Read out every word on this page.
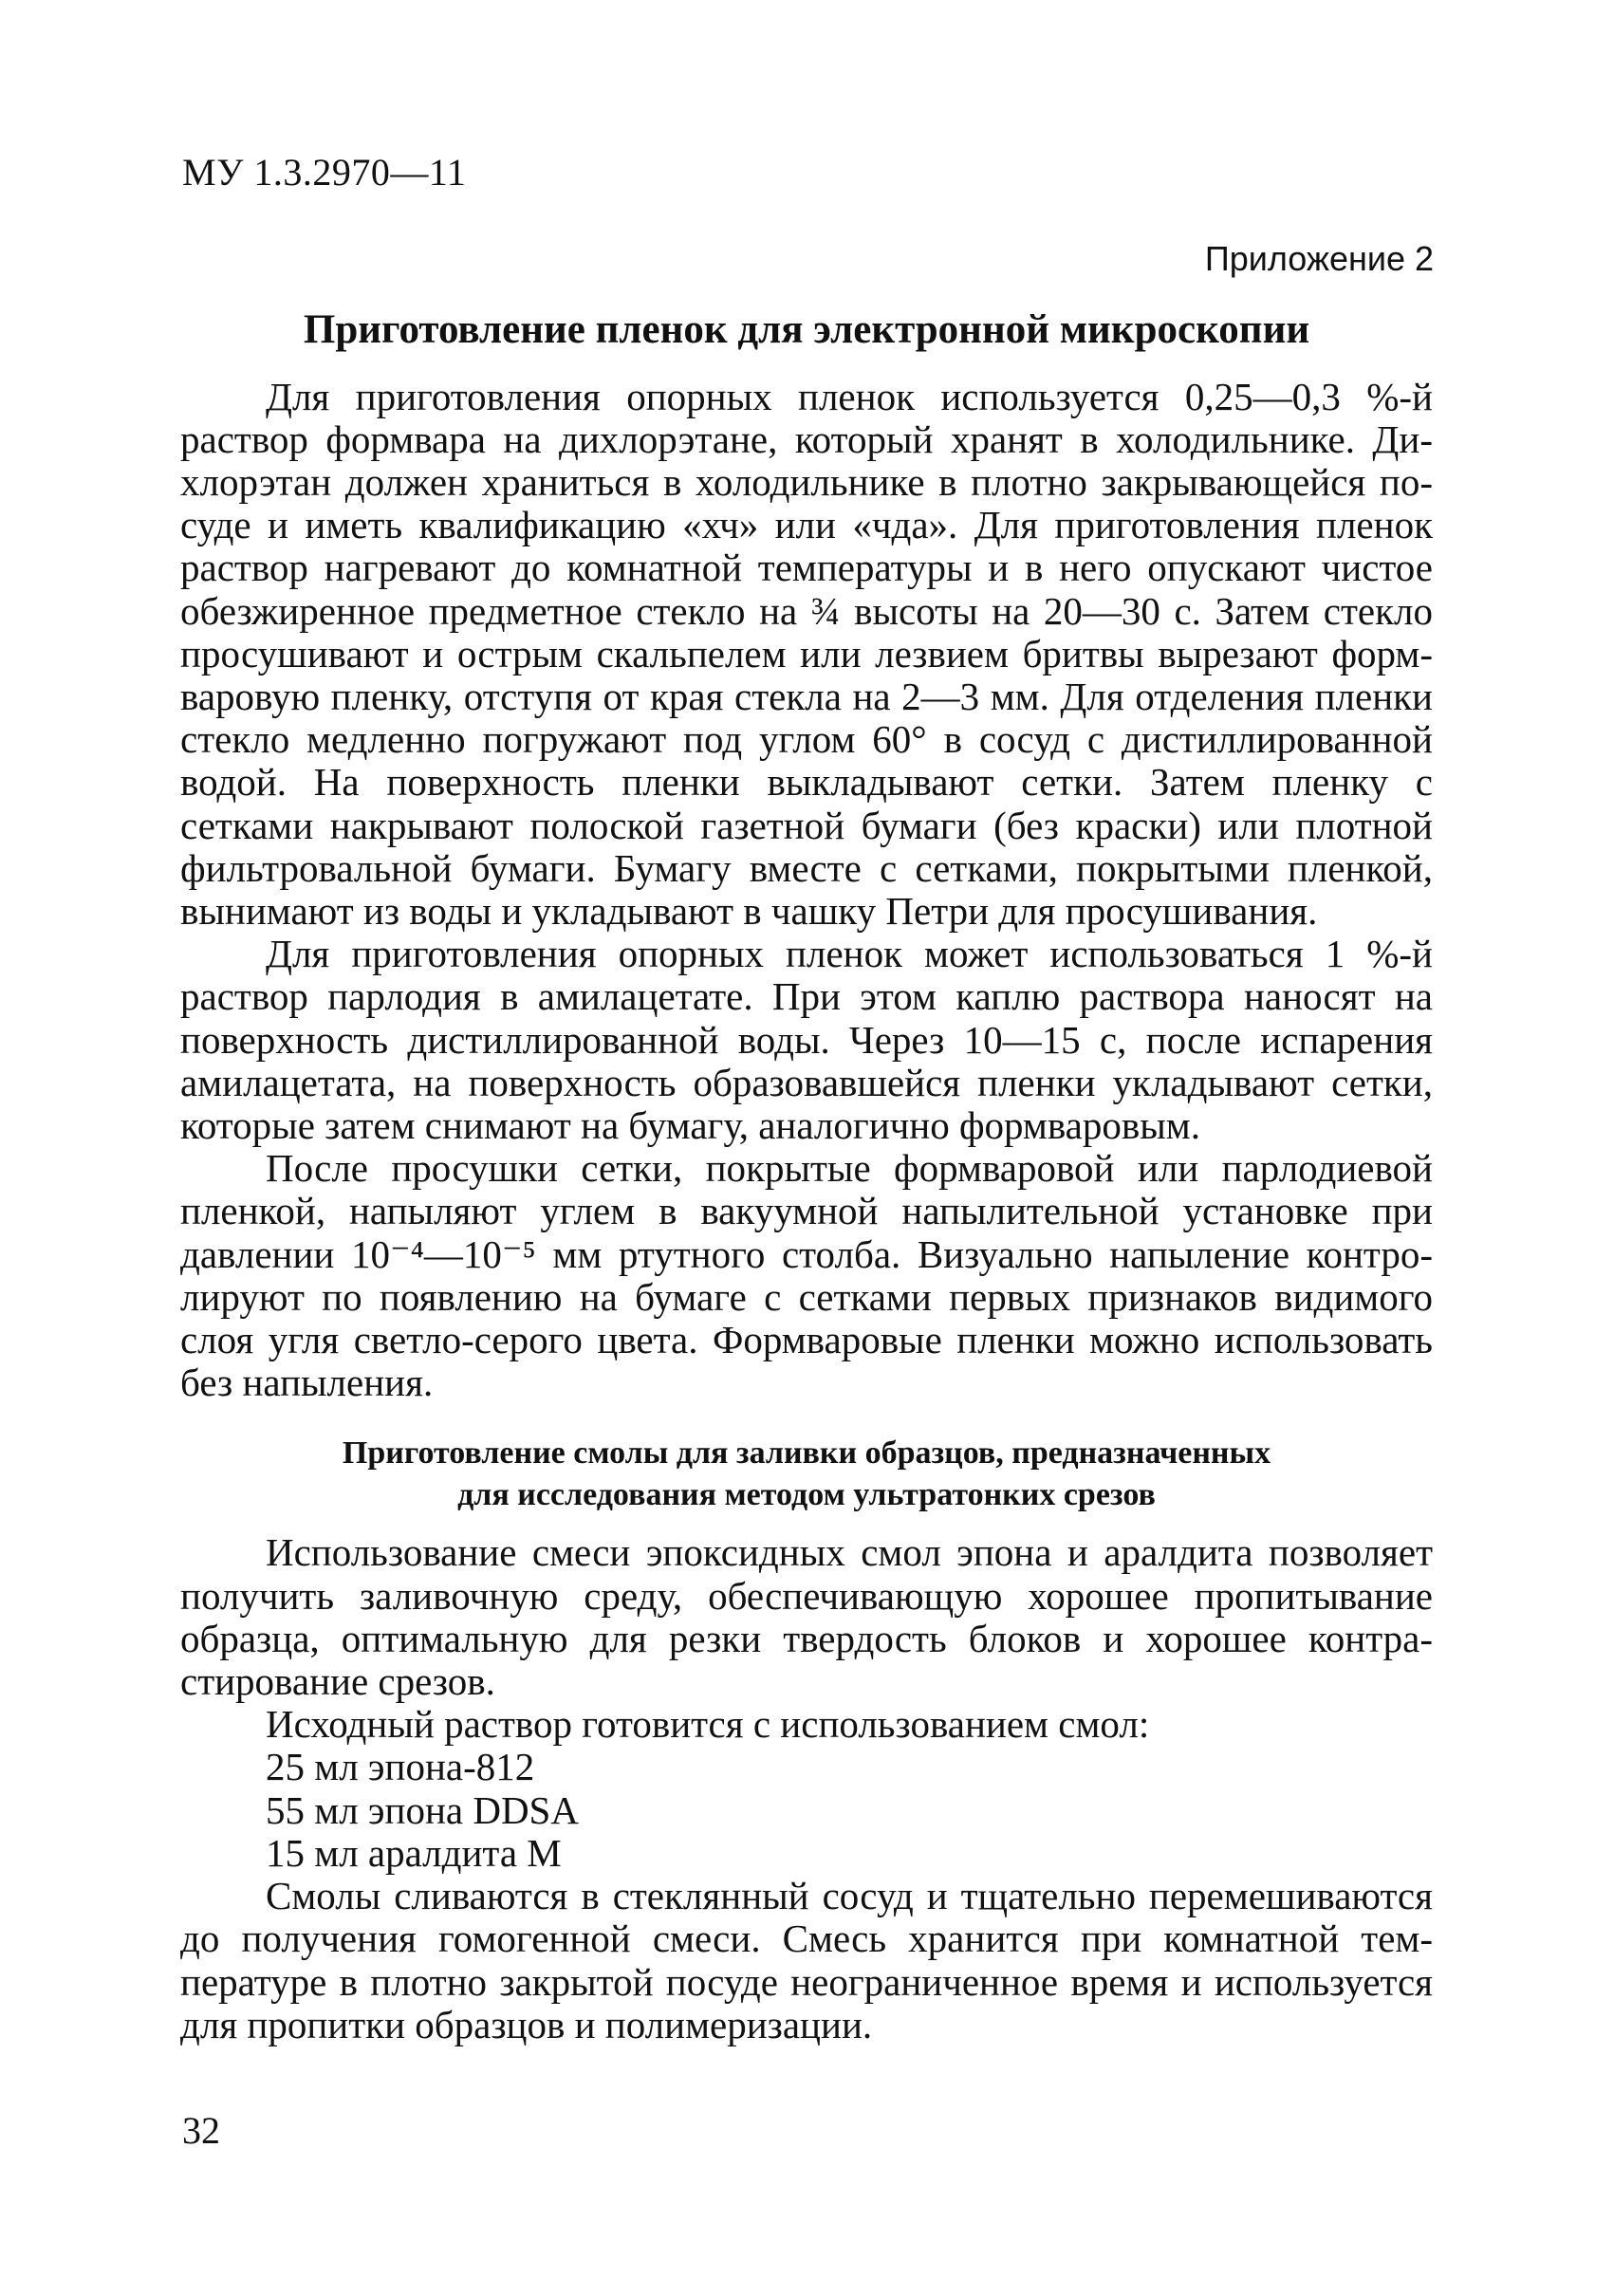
МУ 1.3.2970—11
Приложение 2
Приготовление пленок для электронной микроскопии

Для приготовления опорных пленок используется 0,25—0,3 %-й раствор формвара на дихлорэтане, который хранят в холодильнике. Дихлорэтан должен храниться в холодильнике в плотно закрывающейся посуде и иметь квалификацию «хч» или «чда». Для приготовления пленок раствор нагревают до комнатной температуры и в него опускают чистое обезжиренное предметное стекло на ¾ высоты на 20—30 с. Затем стекло просушивают и острым скальпелем или лезвием бритвы вырезают формваровую пленку, отступя от края стекла на 2—3 мм. Для отделения пленки стекло медленно погружают под углом 60° в сосуд с дистиллированной водой. На поверхность пленки выкладывают сетки. Затем пленку с сетками накрывают полоской газетной бумаги (без краски) или плотной фильтровальной бумаги. Бумагу вместе с сетками, покрытыми пленкой, вынимают из воды и укладывают в чашку Петри для просушивания.

Для приготовления опорных пленок может использоваться 1 %-й раствор парлодия в амилацетате. При этом каплю раствора наносят на поверхность дистиллированной воды. Через 10—15 с, после испарения амилацетата, на поверхность образовавшейся пленки укладывают сетки, которые затем снимают на бумагу, аналогично формваровым.

После просушки сетки, покрытые формваровой или парлодиевой пленкой, напыляют углем в вакуумной напылительной установке при давлении 10⁻⁴—10⁻⁵ мм ртутного столба. Визуально напыление контролируют по появлению на бумаге с сетками первых признаков видимого слоя угля светло-серого цвета. Формваровые пленки можно использовать без напыления.

Приготовление смолы для заливки образцов, предназначенных
для исследования методом ультратонких срезов

Использование смеси эпоксидных смол эпона и аралдита позволяет получить заливочную среду, обеспечивающую хорошее пропитывание образца, оптимальную для резки твердость блоков и хорошее контрастирование срезов.

Исходный раствор готовится с использованием смол:

25 мл эпона-812

55 мл эпона DDSA

15 мл аралдита М

Смолы сливаются в стеклянный сосуд и тщательно перемешиваются до получения гомогенной смеси. Смесь хранится при комнатной температуре в плотно закрытой посуде неограниченное время и используется для пропитки образцов и полимеризации.

32
